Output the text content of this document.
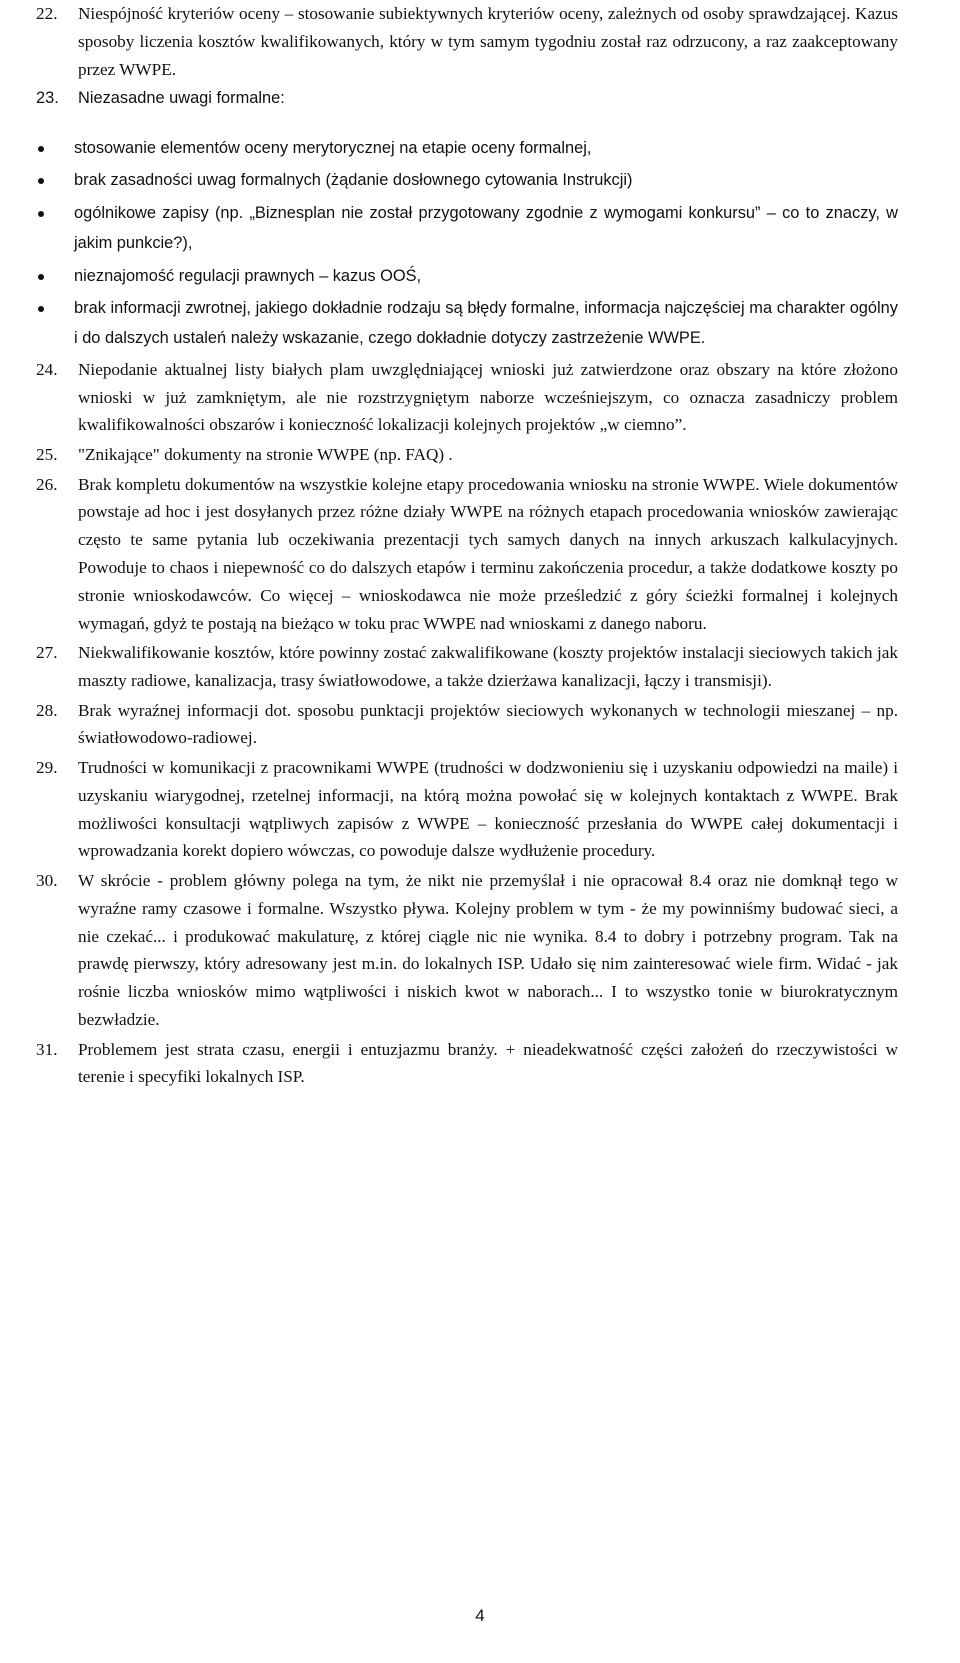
22.	Niespójność kryteriów oceny – stosowanie subiektywnych kryteriów oceny, zależnych od osoby sprawdzającej. Kazus sposoby liczenia kosztów kwalifikowanych, który w tym samym tygodniu został raz odrzucony, a raz zaakceptowany przez WWPE.
23.	Niezasadne uwagi formalne:
stosowanie elementów oceny merytorycznej na etapie oceny formalnej,
brak zasadności uwag formalnych (żądanie dosłownego cytowania Instrukcji)
ogólnikowe zapisy (np. „Biznesplan nie został przygotowany zgodnie z wymogami konkursu” – co to znaczy, w jakim punkcie?),
nieznajomość regulacji prawnych – kazus OOŚ,
brak informacji zwrotnej, jakiego dokładnie rodzaju są błędy formalne, informacja najczęściej ma charakter ogólny i do dalszych ustaleń należy wskazanie, czego dokładnie dotyczy zastrzeżenie WWPE.
24.	Niepodanie aktualnej listy białych plam uwzględniającej wnioski już zatwierdzone oraz obszary na które złożono wnioski w już zamkniętym, ale nie rozstrzygniętym naborze wcześniejszym, co oznacza zasadniczy problem kwalifikowalności obszarów i konieczność lokalizacji kolejnych projektów „w ciemno”.
25.	"Znikające" dokumenty na stronie WWPE (np. FAQ) .
26.	Brak kompletu dokumentów na wszystkie kolejne etapy procedowania wniosku na stronie WWPE. Wiele dokumentów powstaje ad hoc i jest dosyłanych przez różne działy WWPE na różnych etapach procedowania wniosków zawierając często te same pytania lub oczekiwania prezentacji tych samych danych na innych arkuszach kalkulacyjnych. Powoduje to chaos i niepewność co do dalszych etapów i terminu zakończenia procedur, a także dodatkowe koszty po stronie wnioskodawców. Co więcej – wnioskodawca nie może prześledzić z góry ścieżki formalnej i kolejnych wymagań, gdyż te postają na bieżąco w toku prac WWPE nad wnioskami z danego naboru.
27.	Niekwalifikowanie kosztów, które powinny zostać zakwalifikowane (koszty projektów instalacji sieciowych takich jak maszty radiowe, kanalizacja, trasy światłowodowe, a także dzierżawa kanalizacji, łączy i transmisji).
28.	Brak wyraźnej informacji dot. sposobu punktacji projektów sieciowych wykonanych w technologii mieszanej – np. światłowodowo-radiowej.
29.	Trudności w komunikacji z pracownikami WWPE (trudności w dodzwonieniu się i uzyskaniu odpowiedzi na maile) i uzyskaniu wiarygodnej, rzetelnej informacji, na którą można powołać się w kolejnych kontaktach z WWPE. Brak możliwości konsultacji wątpliwych zapisów z WWPE – konieczność przesłania do WWPE całej dokumentacji i wprowadzania korekt dopiero wówczas, co powoduje dalsze wydłużenie procedury.
30.	W skrócie - problem główny polega na tym, że nikt nie przemyślał i nie opracował 8.4 oraz nie domknął tego w wyraźne ramy czasowe i formalne. Wszystko pływa. Kolejny problem w tym - że my powinniśmy budować sieci, a nie czekać... i produkować makulaturę, z której ciągle nic nie wynika. 8.4 to dobry i potrzebny program. Tak na prawdę pierwszy, który adresowany jest m.in. do lokalnych ISP. Udało się nim zainteresować wiele firm. Widać - jak rośnie liczba wniosków mimo wątpliwości i niskich kwot w naborach... I to wszystko tonie w biurokratycznym bezwładzie.
31.	Problemem jest strata czasu, energii i entuzjazmu branży. + nieadekwatność części założeń do rzeczywistości w terenie i specyfiki lokalnych ISP.
4
